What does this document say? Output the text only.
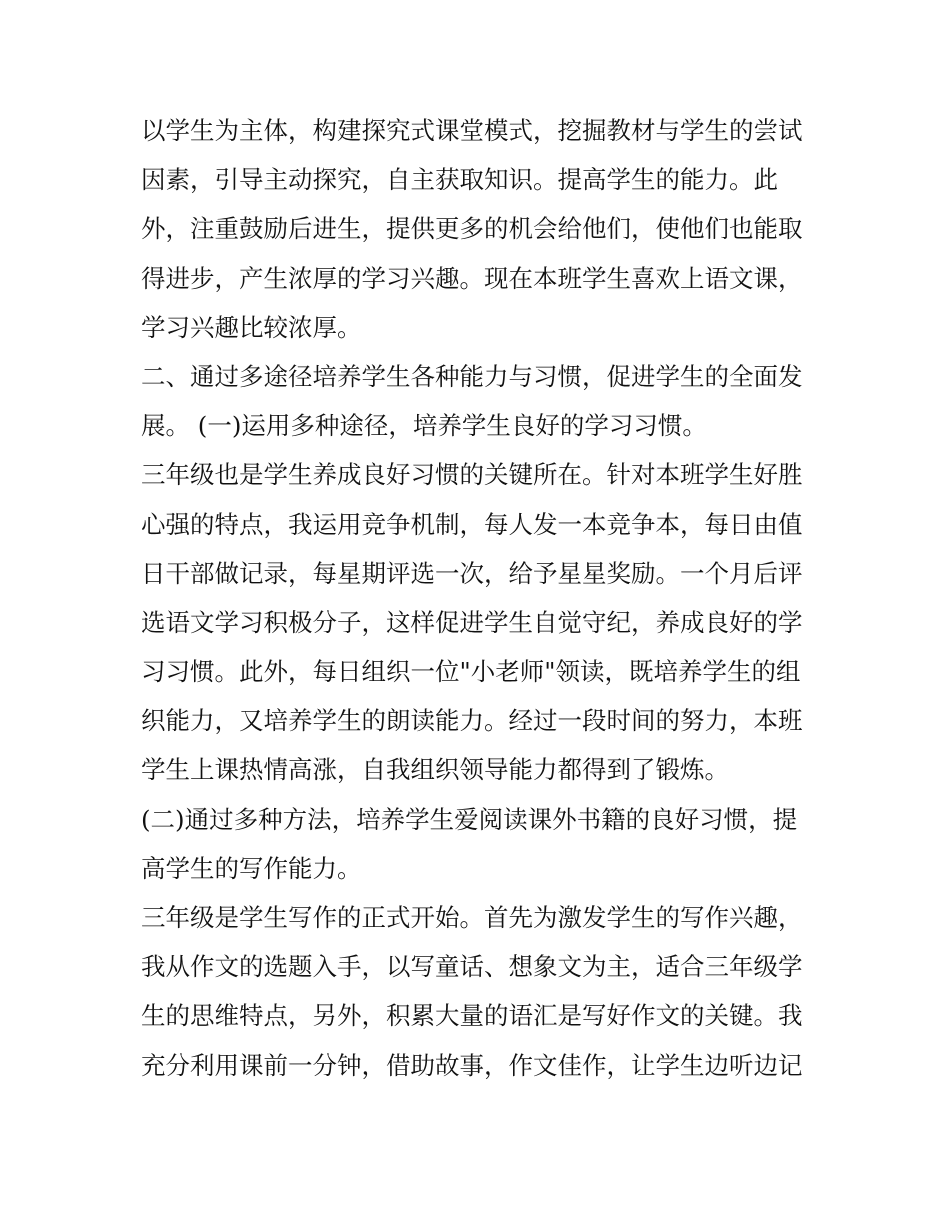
以学生为主体，构建探究式课堂模式，挖掘教材与学生的尝试
因素，引导主动探究，自主获取知识。提高学生的能力。此
外，注重鼓励后进生，提供更多的机会给他们，使他们也能取
得进步，产生浓厚的学习兴趣。现在本班学生喜欢上语文课，
学习兴趣比较浓厚。
二、通过多途径培养学生各种能力与习惯，促进学生的全面发
展。 (一)运用多种途径，培养学生良好的学习习惯。
三年级也是学生养成良好习惯的关键所在。针对本班学生好胜
心强的特点，我运用竞争机制，每人发一本竞争本，每日由值
日干部做记录，每星期评选一次，给予星星奖励。一个月后评
选语文学习积极分子，这样促进学生自觉守纪，养成良好的学
习习惯。此外，每日组织一位"小老师"领读，既培养学生的组
织能力，又培养学生的朗读能力。经过一段时间的努力，本班
学生上课热情高涨，自我组织领导能力都得到了锻炼。
(二)通过多种方法，培养学生爱阅读课外书籍的良好习惯，提
高学生的写作能力。
三年级是学生写作的正式开始。首先为激发学生的写作兴趣，
我从作文的选题入手，以写童话、想象文为主，适合三年级学
生的思维特点，另外，积累大量的语汇是写好作文的关键。我
充分利用课前一分钟，借助故事，作文佳作，让学生边听边记
